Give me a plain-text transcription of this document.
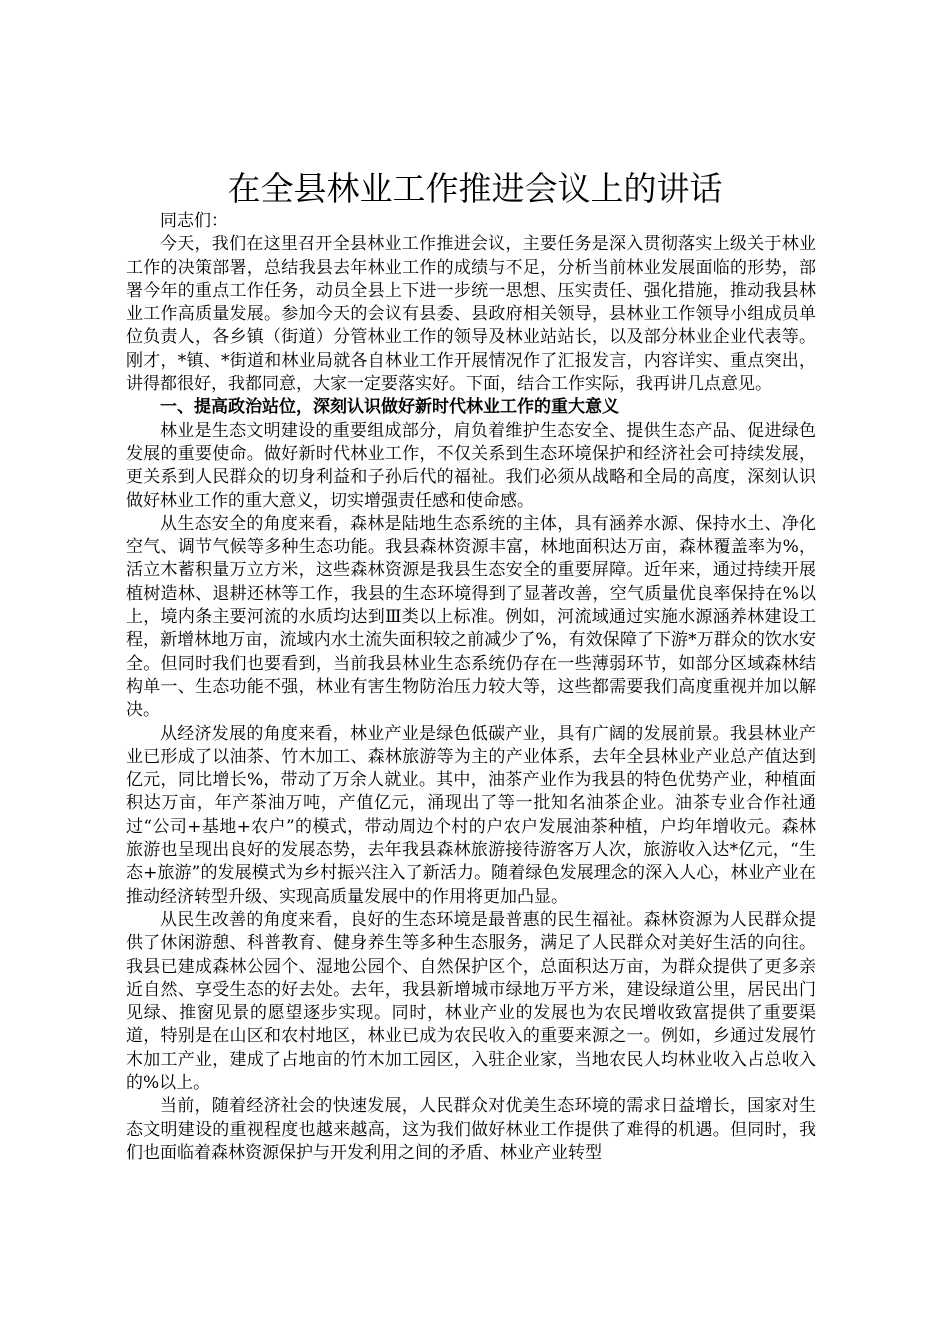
在全县林业工作推进会议上的讲话

同志们：

今天，我们在这里召开全县林业工作推进会议，主要任务是深入贯彻落实上级关于林业工作的决策部署，总结我县去年林业工作的成绩与不足，分析当前林业发展面临的形势，部署今年的重点工作任务，动员全县上下进一步统一思想、压实责任、强化措施，推动我县林业工作高质量发展。参加今天的会议有县委、县政府相关领导，县林业工作领导小组成员单位负责人，各乡镇（街道）分管林业工作的领导及林业站站长，以及部分林业企业代表等。刚才，*镇、*街道和林业局就各自林业工作开展情况作了汇报发言，内容详实、重点突出，讲得都很好，我都同意，大家一定要落实好。下面，结合工作实际，我再讲几点意见。

一、提高政治站位，深刻认识做好新时代林业工作的重大意义

林业是生态文明建设的重要组成部分，肩负着维护生态安全、提供生态产品、促进绿色发展的重要使命。做好新时代林业工作，不仅关系到生态环境保护和经济社会可持续发展，更关系到人民群众的切身利益和子孙后代的福祉。我们必须从战略和全局的高度，深刻认识做好林业工作的重大意义，切实增强责任感和使命感。

从生态安全的角度来看，森林是陆地生态系统的主体，具有涵养水源、保持水土、净化空气、调节气候等多种生态功能。我县森林资源丰富，林地面积达万亩，森林覆盖率为%，活立木蓄积量万立方米，这些森林资源是我县生态安全的重要屏障。近年来，通过持续开展植树造林、退耕还林等工作，我县的生态环境得到了显著改善，空气质量优良率保持在%以上，境内条主要河流的水质均达到Ⅲ类以上标准。例如，河流域通过实施水源涵养林建设工程，新增林地万亩，流域内水土流失面积较之前减少了%，有效保障了下游*万群众的饮水安全。但同时我们也要看到，当前我县林业生态系统仍存在一些薄弱环节，如部分区域森林结构单一、生态功能不强，林业有害生物防治压力较大等，这些都需要我们高度重视并加以解决。

从经济发展的角度来看，林业产业是绿色低碳产业，具有广阔的发展前景。我县林业产业已形成了以油茶、竹木加工、森林旅游等为主的产业体系，去年全县林业产业总产值达到亿元，同比增长%，带动了万余人就业。其中，油茶产业作为我县的特色优势产业，种植面积达万亩，年产茶油万吨，产值亿元，涌现出了等一批知名油茶企业。油茶专业合作社通过“公司+基地+农户”的模式，带动周边个村的户农户发展油茶种植，户均年增收元。森林旅游也呈现出良好的发展态势，去年我县森林旅游接待游客万人次，旅游收入达*亿元，“生态+旅游”的发展模式为乡村振兴注入了新活力。随着绿色发展理念的深入人心，林业产业在推动经济转型升级、实现高质量发展中的作用将更加凸显。

从民生改善的角度来看，良好的生态环境是最普惠的民生福祉。森林资源为人民群众提供了休闲游憩、科普教育、健身养生等多种生态服务，满足了人民群众对美好生活的向往。我县已建成森林公园个、湿地公园个、自然保护区个，总面积达万亩，为群众提供了更多亲近自然、享受生态的好去处。去年，我县新增城市绿地万平方米，建设绿道公里，居民出门见绿、推窗见景的愿望逐步实现。同时，林业产业的发展也为农民增收致富提供了重要渠道，特别是在山区和农村地区，林业已成为农民收入的重要来源之一。例如，乡通过发展竹木加工产业，建成了占地亩的竹木加工园区，入驻企业家，当地农民人均林业收入占总收入的%以上。

当前，随着经济社会的快速发展，人民群众对优美生态环境的需求日益增长，国家对生态文明建设的重视程度也越来越高，这为我们做好林业工作提供了难得的机遇。但同时，我们也面临着森林资源保护与开发利用之间的矛盾、林业产业转型
